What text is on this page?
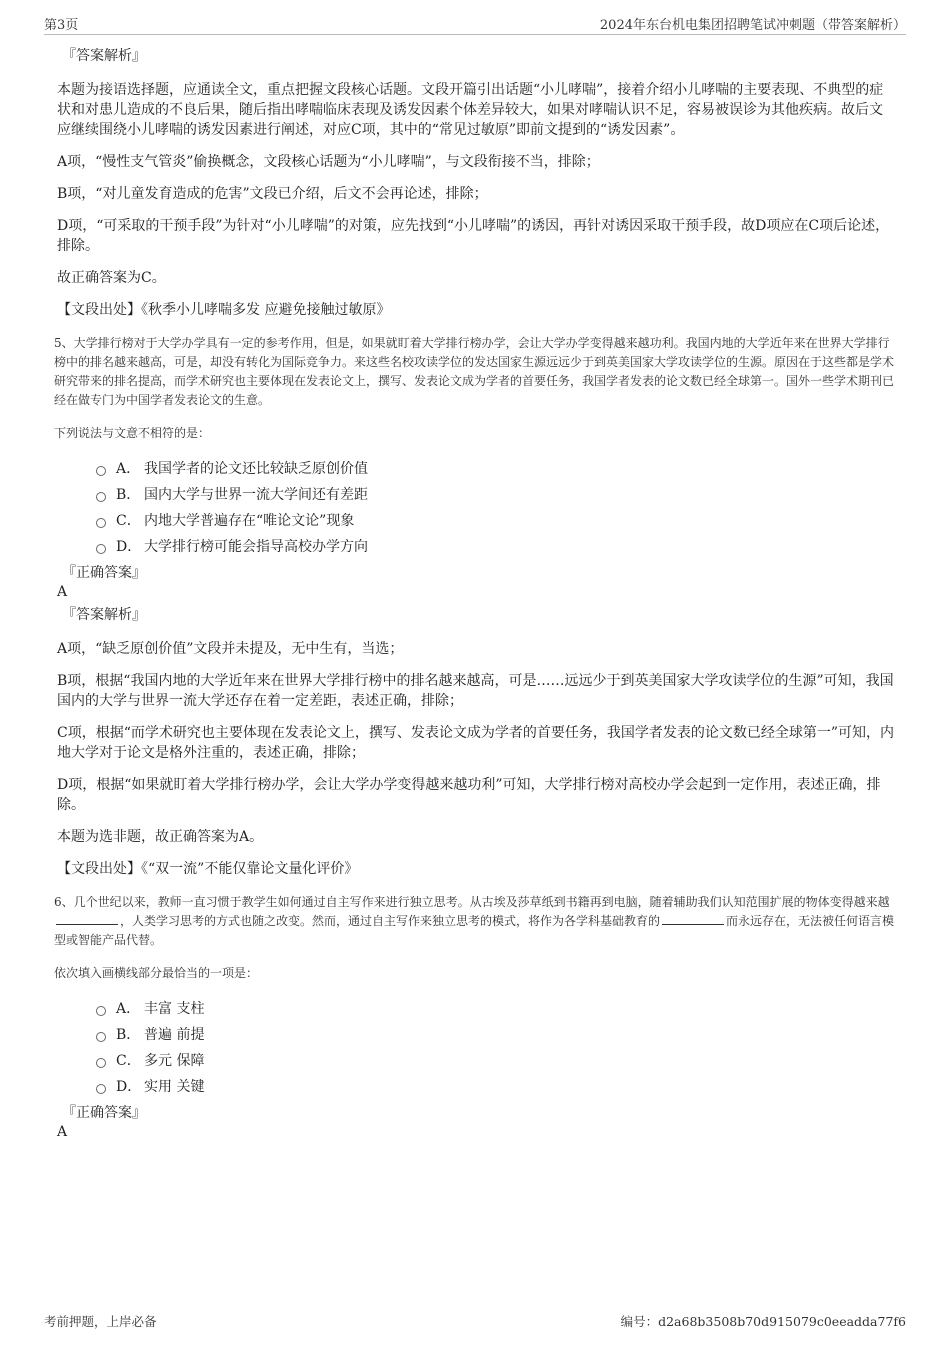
第3页	2024年东台机电集团招聘笔试冲刺题（带答案解析）

『答案解析』

本题为接语选择题，应通读全文，重点把握文段核心话题。文段开篇引出话题“小儿哮喘”，接着介绍小儿哮喘的主要表现、不典型的症状和对患儿造成的不良后果，随后指出哮喘临床表现及诱发因素个体差异较大，如果对哮喘认识不足，容易被误诊为其他疾病。故后文应继续围绕小儿哮喘的诱发因素进行阐述，对应C项，其中的“常见过敏原”即前文提到的“诱发因素”。

A项，“慢性支气管炎”偷换概念，文段核心话题为“小儿哮喘”，与文段衔接不当，排除；

B项，“对儿童发育造成的危害”文段已介绍，后文不会再论述，排除；

D项，“可采取的干预手段”为针对“小儿哮喘”的对策，应先找到“小儿哮喘”的诱因，再针对诱因采取干预手段，故D项应在C项后论述，排除。

故正确答案为C。

【文段出处】《秋季小儿哮喘多发 应避免接触过敏原》

5、大学排行榜对于大学办学具有一定的参考作用，但是，如果就盯着大学排行榜办学，会让大学办学变得越来越功利。我国内地的大学近年来在世界大学排行榜中的排名越来越高，可是，却没有转化为国际竞争力。来这些名校攻读学位的发达国家生源远远少于到英美国家大学攻读学位的生源。原因在于这些都是学术研究带来的排名提高，而学术研究也主要体现在发表论文上，撰写、发表论文成为学者的首要任务，我国学者发表的论文数已经全球第一。国外一些学术期刊已经在做专门为中国学者发表论文的生意。

下列说法与文意不相符的是：

A． 我国学者的论文还比较缺乏原创价值
B． 国内大学与世界一流大学间还有差距
C． 内地大学普遍存在“唯论文论”现象
D． 大学排行榜可能会指导高校办学方向

『正确答案』

A

『答案解析』

A项，“缺乏原创价值”文段并未提及，无中生有，当选；

B项，根据“我国内地的大学近年来在世界大学排行榜中的排名越来越高，可是……远远少于到英美国家大学攻读学位的生源”可知，我国国内的大学与世界一流大学还存在着一定差距，表述正确，排除；

C项，根据“而学术研究也主要体现在发表论文上，撰写、发表论文成为学者的首要任务，我国学者发表的论文数已经全球第一”可知，内地大学对于论文是格外注重的，表述正确，排除；

D项，根据“如果就盯着大学排行榜办学，会让大学办学变得越来越功利”可知，大学排行榜对高校办学会起到一定作用，表述正确，排除。

本题为选非题，故正确答案为A。

【文段出处】《“双一流”不能仅靠论文量化评价》

6、几个世纪以来，教师一直习惯于教学生如何通过自主写作来进行独立思考。从古埃及莎草纸到书籍再到电脑，随着辅助我们认知范围扩展的物体变得越来越，人类学习思考的方式也随之改变。然而，通过自主写作来独立思考的模式，将作为各学科基础教育的	而永远存在，无法被任何语言模型或智能产品代替。

依次填入画横线部分最恰当的一项是：

A． 丰富 支柱
B． 普遍 前提
C． 多元 保障
D． 实用 关键

『正确答案』

A

考前押题，上岸必备	编号：d2a68b3508b70d915079c0eeadda77f6
